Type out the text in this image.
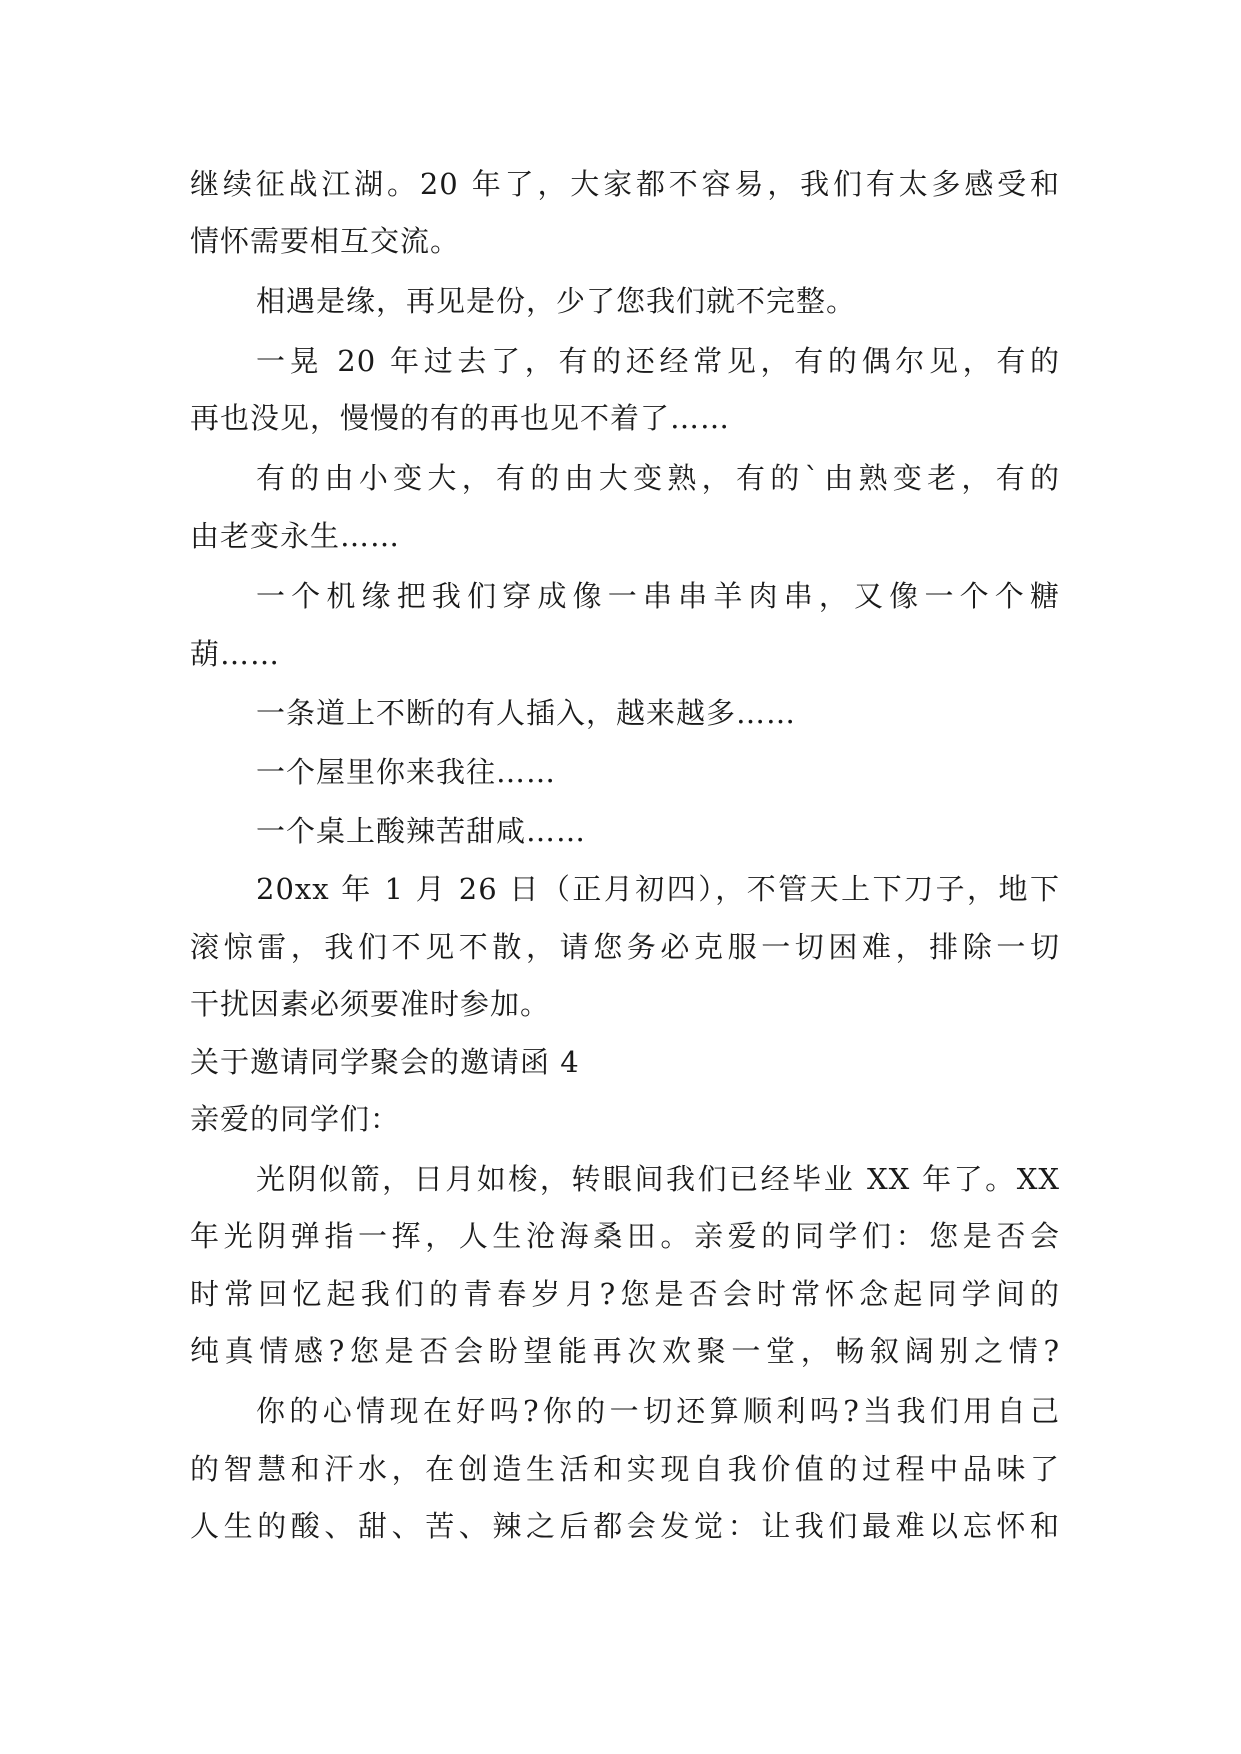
继续征战江湖。20 年了，大家都不容易，我们有太多感受和
情怀需要相互交流。
相遇是缘，再见是份，少了您我们就不完整。
一晃 20 年过去了，有的还经常见，有的偶尔见，有的
再也没见，慢慢的有的再也见不着了……
有的由小变大，有的由大变熟，有的`由熟变老，有的
由老变永生……
一个机缘把我们穿成像一串串羊肉串，又像一个个糖
葫……
一条道上不断的有人插入，越来越多……
一个屋里你来我往……
一个桌上酸辣苦甜咸……
20xx 年 1 月 26 日（正月初四），不管天上下刀子，地下
滚惊雷，我们不见不散，请您务必克服一切困难，排除一切
干扰因素必须要准时参加。
关于邀请同学聚会的邀请函 4
亲爱的同学们：
光阴似箭，日月如梭，转眼间我们已经毕业 XX 年了。XX
年光阴弹指一挥，人生沧海桑田。亲爱的同学们：您是否会
时常回忆起我们的青春岁月?您是否会时常怀念起同学间的
纯真情感?您是否会盼望能再次欢聚一堂，畅叙阔别之情?
你的心情现在好吗?你的一切还算顺利吗?当我们用自己
的智慧和汗水，在创造生活和实现自我价值的过程中品味了
人生的酸、甜、苦、辣之后都会发觉：让我们最难以忘怀和
